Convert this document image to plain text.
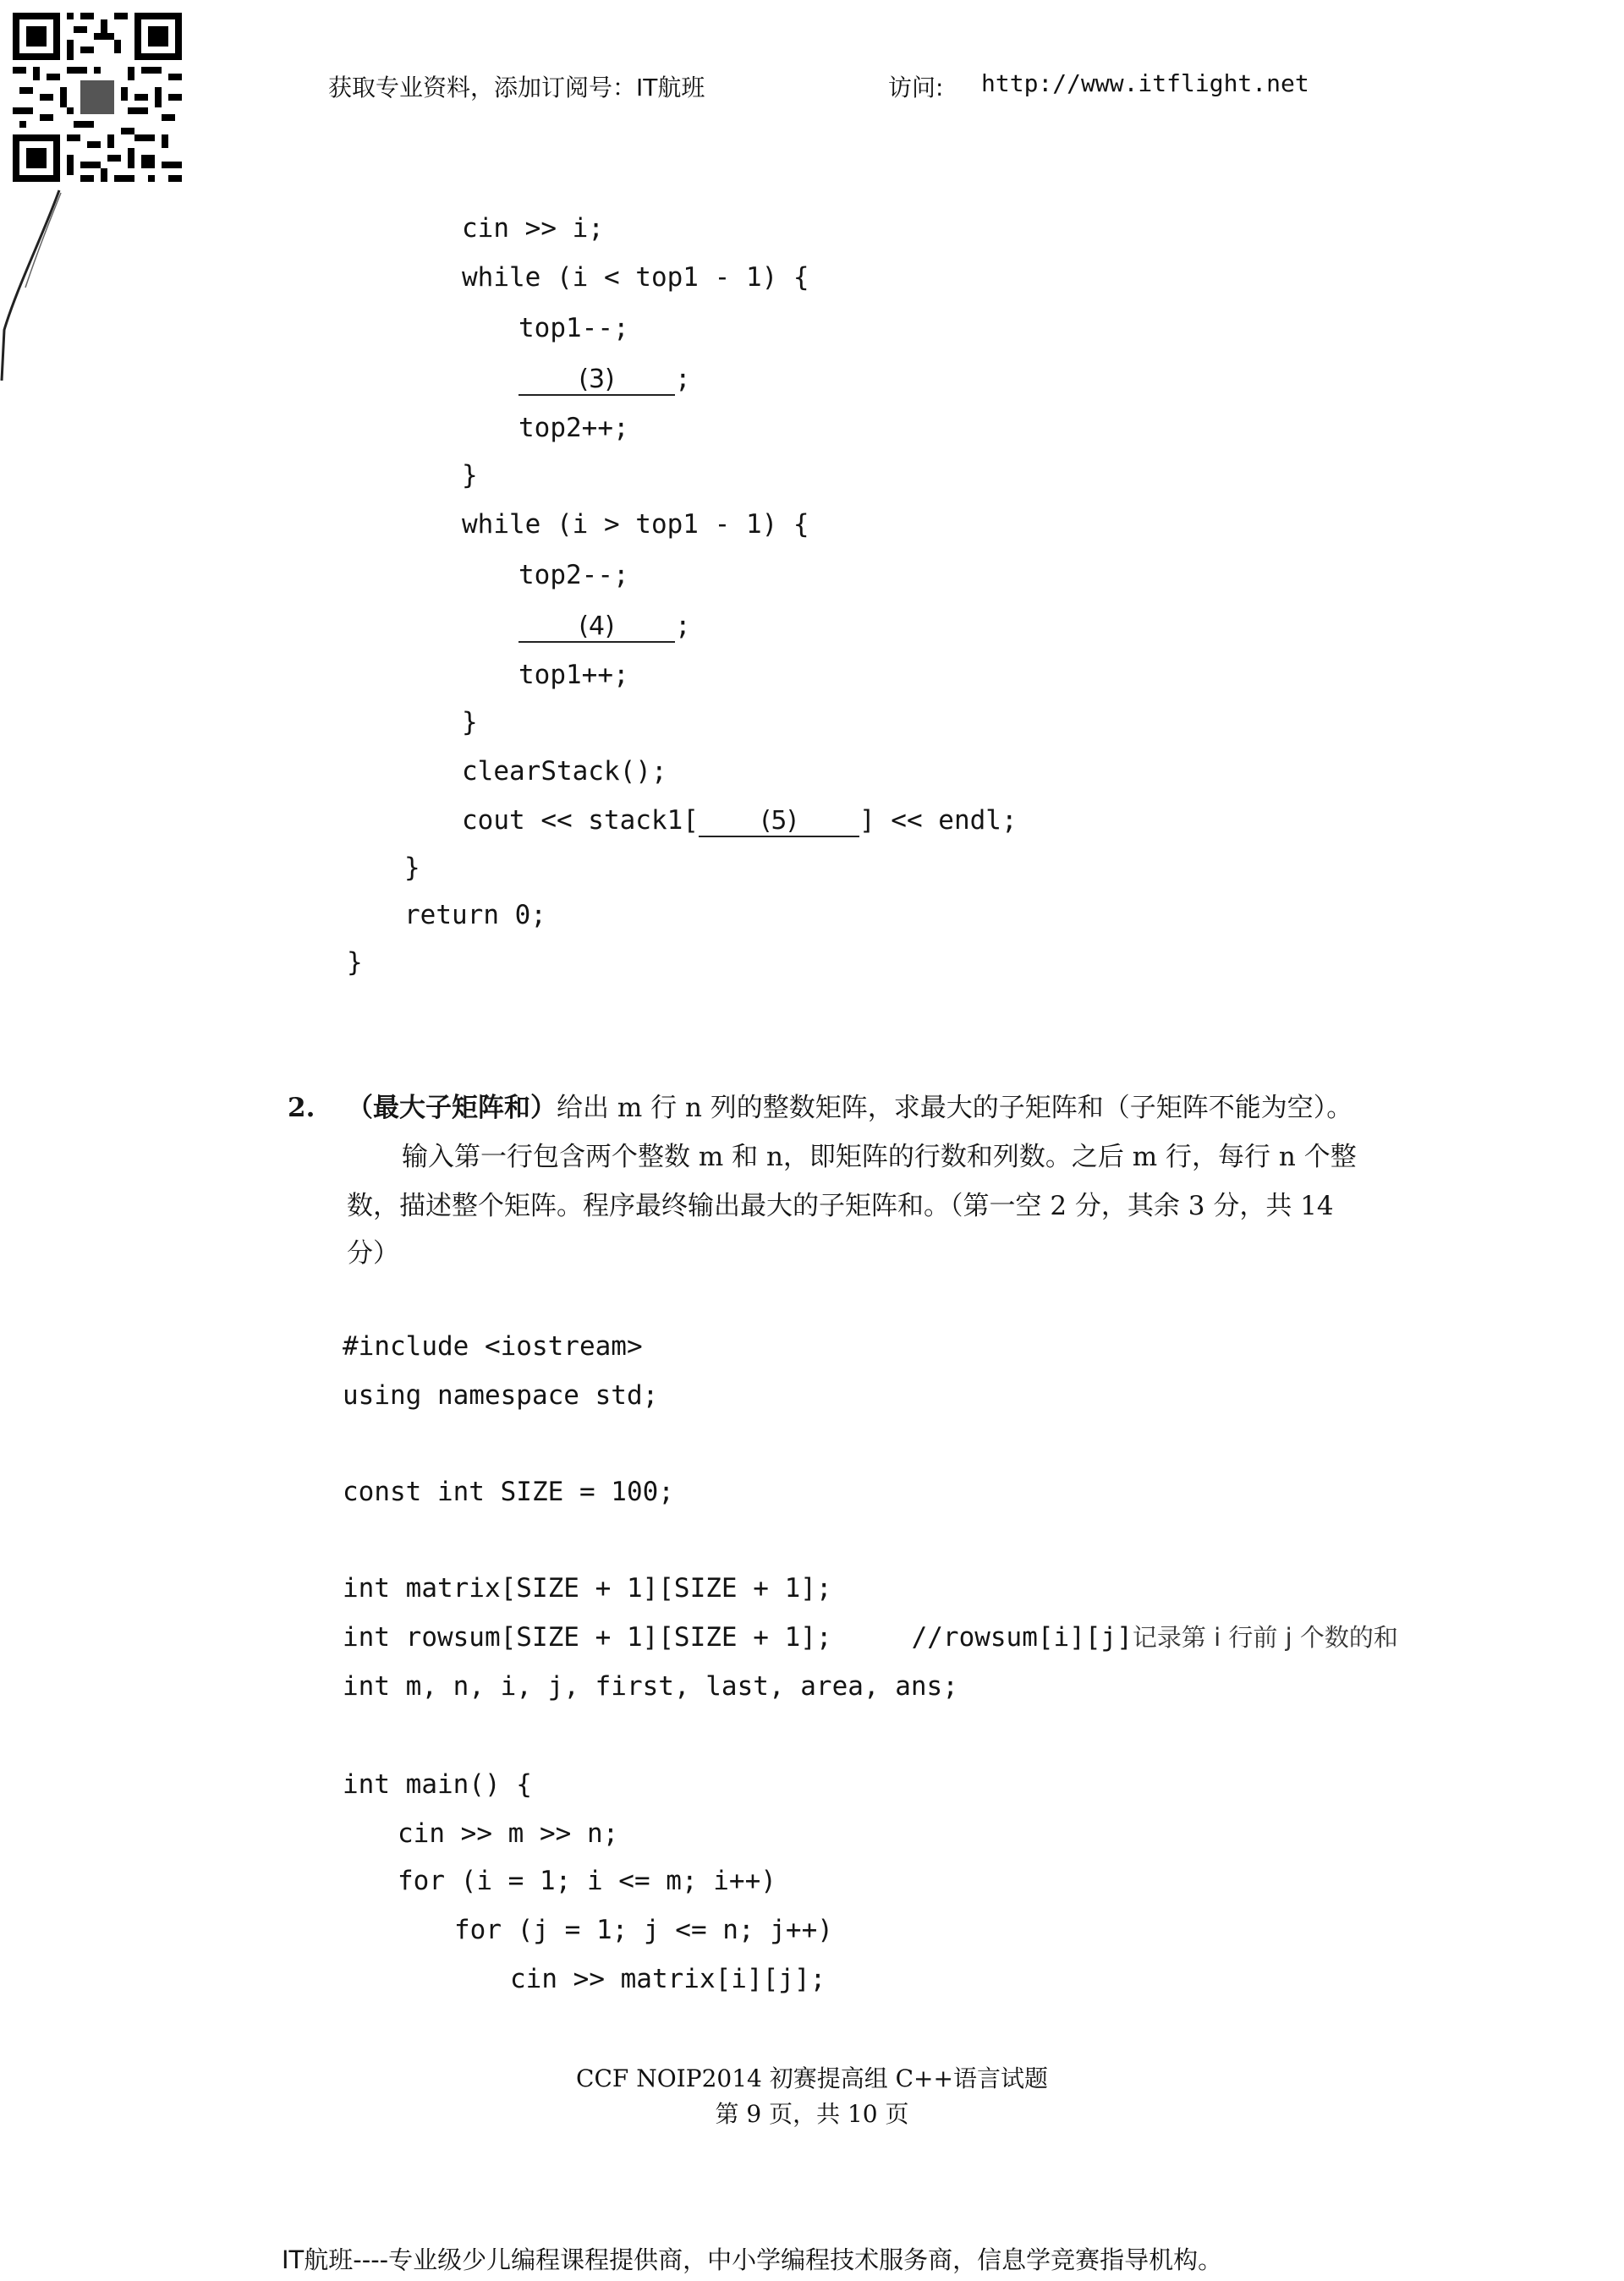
获取专业资料，添加订阅号：IT航班	访问: http://www.itflight.net
cin >> i;
while (i < top1 - 1) {
top1--;
(3) ;
top2++;
}
while (i > top1 - 1) {
top2--;
(4) ;
top1++;
}
clearStack();
cout << stack1[ (5) ] << endl;
}
return 0;
}
2. （最大子矩阵和）给出 m 行 n 列的整数矩阵，求最大的子矩阵和（子矩阵不能为空）。
输入第一行包含两个整数 m 和 n，即矩阵的行数和列数。之后 m 行，每行 n 个整
数，描述整个矩阵。程序最终输出最大的子矩阵和。（第一空 2 分，其余 3 分，共 14
分）
#include <iostream>
using namespace std;
const int SIZE = 100;
int matrix[SIZE + 1][SIZE + 1];
int rowsum[SIZE + 1][SIZE + 1];	//rowsum[i][j]记录第 i 行前 j 个数的和
int m, n, i, j, first, last, area, ans;
int main() {
cin >> m >> n;
for (i = 1; i <= m; i++)
for (j = 1; j <= n; j++)
cin >> matrix[i][j];
CCF NOIP2014 初赛提高组 C++语言试题
第 9 页，共 10 页
IT航班----专业级少儿编程课程提供商，中小学编程技术服务商，信息学竞赛指导机构。
